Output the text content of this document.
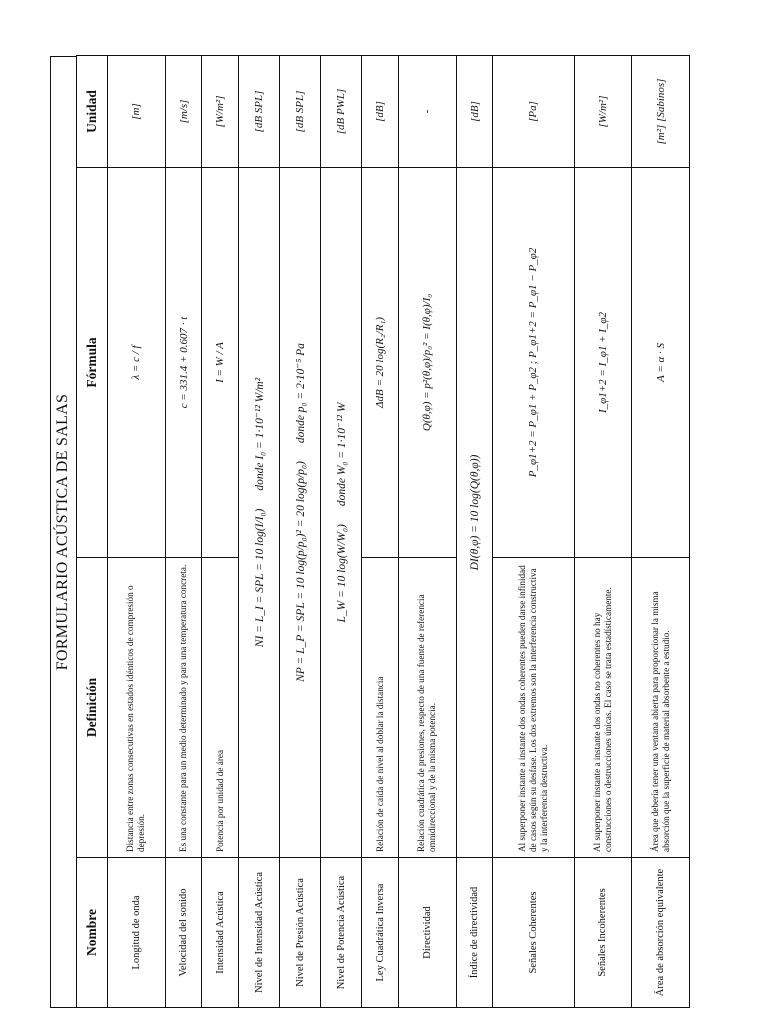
FORMULARIO ACÚSTICA DE SALAS
Nombre	Definición	Fórmula	Unidad
Longitud de onda	Distancia entre zonas consecutivas en estados idénticos de compresión o depresión.	λ = c / f	[m]
Velocidad del sonido	Es una constante para un medio determinado y para una temperatura concreta.	c = 331.4 + 0.607 · t	[m/s]
Intensidad Acústica	Potencia por unidad de área	I = W / A	[W/m²]
Nivel de Intensidad Acústica	NI = L_I = SPL = 10 log(I/I₀)donde I₀ = 1·10⁻¹² W/m²		[dB SPL]
Nivel de Presión Acústica	NP = L_P = SPL = 10 log(p/p₀)² = 20 log(p/p₀)donde p₀ = 2·10⁻⁵ Pa		[dB SPL]
Nivel de Potencia Acústica	L_W = 10 log(W/W₀)donde W₀ = 1·10⁻¹² W		[dB PWL]
Ley Cuadrática Inversa	Relación de caída de nivel al doblar la distancia	ΔdB = 20 log(R₂/R₁)	[dB]
Directividad	Relación cuadrática de presiones, respecto de una fuente de referencia omnidireccional y de la misma potencia.	Q(θ,φ) = p²(θ,φ)/p₀² = I(θ,φ)/I₀	-
Índice de directividad	DI(θ,φ) = 10 log(Q(θ,φ))		[dB]
Señales Coherentes	Al superponer instante a instante dos ondas coherentes pueden darse infinidad de casos según su desfase. Los dos extremos son la interferencia constructiva y la interferencia destructiva.	P_φ1+2 = P_φ1 + P_φ2 ; P_φ1+2 = P_φ1 − P_φ2	[Pa]
Señales Incoherentes	Al superponer instante a instante dos ondas no coherentes no hay construcciones o destrucciones únicas. El caso se trata estadísticamente.	I_φ1+2 = I_φ1 + I_φ2	[W/m²]
Área de absorción equivalente	Área que debería tener una ventana abierta para proporcionar la misma absorción que la superficie de material absorbente a estudio.	A = α · S	[m²] [Sabinos]
